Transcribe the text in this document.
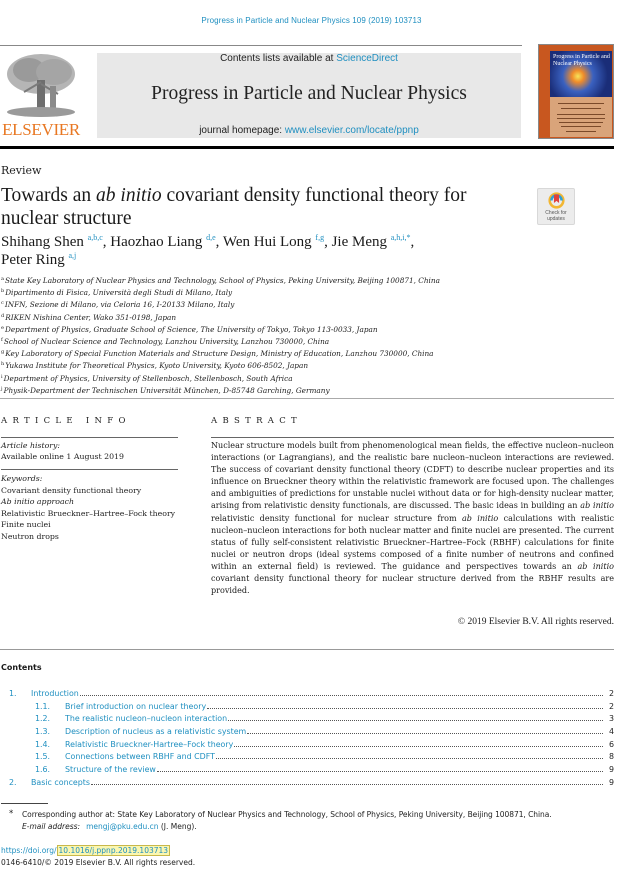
Progress in Particle and Nuclear Physics 109 (2019) 103713
ELSEVIER
Contents lists available at ScienceDirect
Progress in Particle and Nuclear Physics
journal homepage: www.elsevier.com/locate/ppnp
Progress in Particle and Nuclear Physics
Review
Towards an ab initio covariant density functional theory for nuclear structure	Check for updates
Shihang Shen $^{a,b,c}$, Haozhao Liang $^{d,e}$, Wen Hui Long $^{f,g}$, Jie Meng $^{a,h,i,*}$,
Peter Ring $^{a,j}$
$^a$State Key Laboratory of Nuclear Physics and Technology, School of Physics, Peking University, Beijing 100871, China
$^b$Dipartimento di Fisica, Università degli Studi di Milano, Italy
$^c$INFN, Sezione di Milano, via Celoria 16, I-20133 Milano, Italy
$^d$RIKEN Nishina Center, Wako 351-0198, Japan
$^e$Department of Physics, Graduate School of Science, The University of Tokyo, Tokyo 113-0033, Japan
$^f$School of Nuclear Science and Technology, Lanzhou University, Lanzhou 730000, China
$^g$Key Laboratory of Special Function Materials and Structure Design, Ministry of Education, Lanzhou 730000, China
$^h$Yukawa Institute for Theoretical Physics, Kyoto University, Kyoto 606-8502, Japan
$^i$Department of Physics, University of Stellenbosch, Stellenbosch, South Africa
$^j$Physik-Department der Technischen Universität München, D-85748 Garching, Germany
ARTICLE INFO
Article history:
Available online 1 August 2019
Keywords:
Covariant density functional theory
Ab initio approach
Relativistic Brueckner–Hartree–Fock theory
Finite nuclei
Neutron drops
ABSTRACT
Nuclear structure models built from phenomenological mean fields, the effective nucleon–nucleon interactions (or Lagrangians), and the realistic bare nucleon–nucleon interactions are reviewed. The success of covariant density functional theory (CDFT) to describe nuclear properties and its influence on Brueckner theory within the relativistic framework are focused upon. The challenges and ambiguities of predictions for unstable nuclei without data or for high-density nuclear matter, arising from relativistic density functionals, are discussed. The basic ideas in building an ab initio relativistic density functional for nuclear structure from ab initio calculations with realistic nucleon–nucleon interactions for both nuclear matter and finite nuclei are presented. The current status of fully self-consistent relativistic Brueckner–Hartree–Fock (RBHF) calculations for finite nuclei or neutron drops (ideal systems composed of a finite number of neutrons and confined within an external field) is reviewed. The guidance and perspectives towards an ab initio covariant density functional theory for nuclear structure derived from the RBHF results are provided.
© 2019 Elsevier B.V. All rights reserved.
Contents
1.	Introduction	2
1.1.	Brief introduction on nuclear theory	2
1.2.	The realistic nucleon–nucleon interaction	3
1.3.	Description of nucleus as a relativistic system	4
1.4.	Relativistic Brueckner-Hartree–Fock theory	6
1.5.	Connections between RBHF and CDFT	8
1.6.	Structure of the review	9
2.	Basic concepts	9
* Corresponding author at: State Key Laboratory of Nuclear Physics and Technology, School of Physics, Peking University, Beijing 100871, China.
E-mail address: mengj@pku.edu.cn (J. Meng).
https://doi.org/ 10.1016/j.ppnp.2019.103713
0146-6410/© 2019 Elsevier B.V. All rights reserved.
